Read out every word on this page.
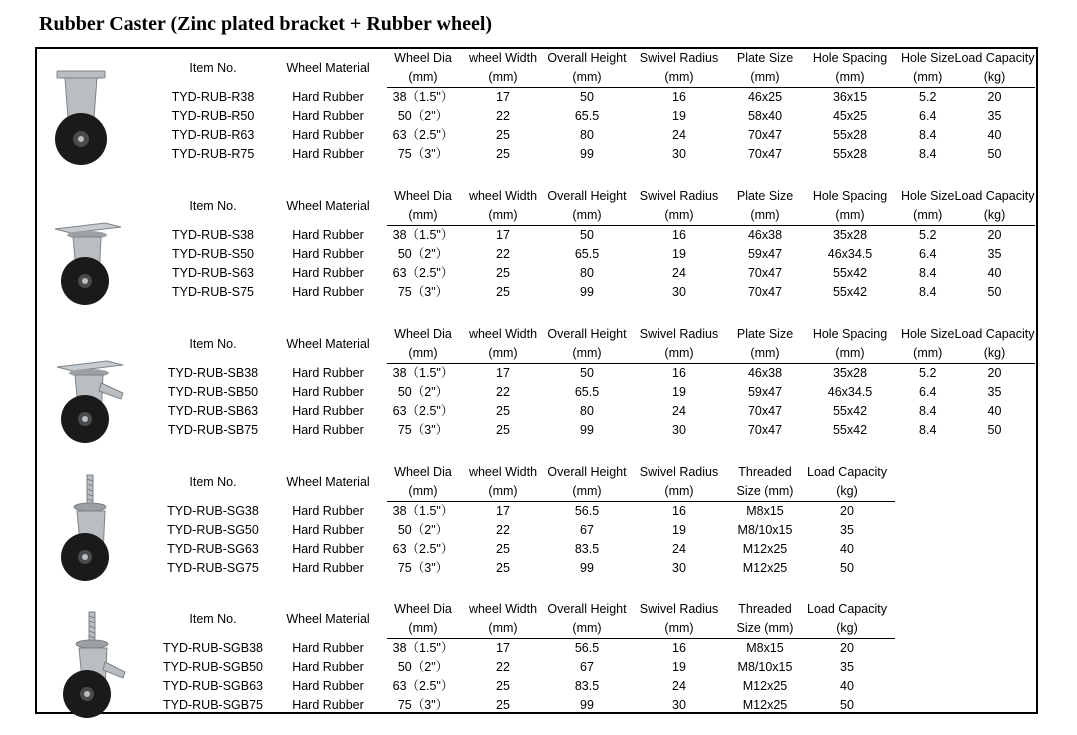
Rubber Caster (Zinc plated bracket + Rubber wheel)
Item No.	Wheel Material	Wheel Dia	wheel Width	Overall Height	Swivel Radius	Plate Size	Hole Spacing	Hole Size	Load Capacity
		(mm)	(mm)	(mm)	(mm)	(mm)	(mm)	(mm)	(kg)
TYD-RUB-R38	Hard Rubber	38（1.5"）	17	50	16	46x25	36x15	5.2	20
TYD-RUB-R50	Hard Rubber	50（2"）	22	65.5	19	58x40	45x25	6.4	35
TYD-RUB-R63	Hard Rubber	63（2.5"）	25	80	24	70x47	55x28	8.4	40
TYD-RUB-R75	Hard Rubber	75（3"）	25	99	30	70x47	55x28	8.4	50
Item No.	Wheel Material	Wheel Dia	wheel Width	Overall Height	Swivel Radius	Plate Size	Hole Spacing	Hole Size	Load Capacity
		(mm)	(mm)	(mm)	(mm)	(mm)	(mm)	(mm)	(kg)
TYD-RUB-S38	Hard Rubber	38（1.5"）	17	50	16	46x38	35x28	5.2	20
TYD-RUB-S50	Hard Rubber	50（2"）	22	65.5	19	59x47	46x34.5	6.4	35
TYD-RUB-S63	Hard Rubber	63（2.5"）	25	80	24	70x47	55x42	8.4	40
TYD-RUB-S75	Hard Rubber	75（3"）	25	99	30	70x47	55x42	8.4	50
Item No.	Wheel Material	Wheel Dia	wheel Width	Overall Height	Swivel Radius	Plate Size	Hole Spacing	Hole Size	Load Capacity
		(mm)	(mm)	(mm)	(mm)	(mm)	(mm)	(mm)	(kg)
TYD-RUB-SB38	Hard Rubber	38（1.5"）	17	50	16	46x38	35x28	5.2	20
TYD-RUB-SB50	Hard Rubber	50（2"）	22	65.5	19	59x47	46x34.5	6.4	35
TYD-RUB-SB63	Hard Rubber	63（2.5"）	25	80	24	70x47	55x42	8.4	40
TYD-RUB-SB75	Hard Rubber	75（3"）	25	99	30	70x47	55x42	8.4	50
Item No.	Wheel Material	Wheel Dia	wheel Width	Overall Height	Swivel Radius	Threaded	Load Capacity
		(mm)	(mm)	(mm)	(mm)	Size (mm)	(kg)
TYD-RUB-SG38	Hard Rubber	38（1.5"）	17	56.5	16	M8x15	20
TYD-RUB-SG50	Hard Rubber	50（2"）	22	67	19	M8/10x15	35
TYD-RUB-SG63	Hard Rubber	63（2.5"）	25	83.5	24	M12x25	40
TYD-RUB-SG75	Hard Rubber	75（3"）	25	99	30	M12x25	50
Item No.	Wheel Material	Wheel Dia	wheel Width	Overall Height	Swivel Radius	Threaded	Load Capacity
		(mm)	(mm)	(mm)	(mm)	Size (mm)	(kg)
TYD-RUB-SGB38	Hard Rubber	38（1.5"）	17	56.5	16	M8x15	20
TYD-RUB-SGB50	Hard Rubber	50（2"）	22	67	19	M8/10x15	35
TYD-RUB-SGB63	Hard Rubber	63（2.5"）	25	83.5	24	M12x25	40
TYD-RUB-SGB75	Hard Rubber	75（3"）	25	99	30	M12x25	50
